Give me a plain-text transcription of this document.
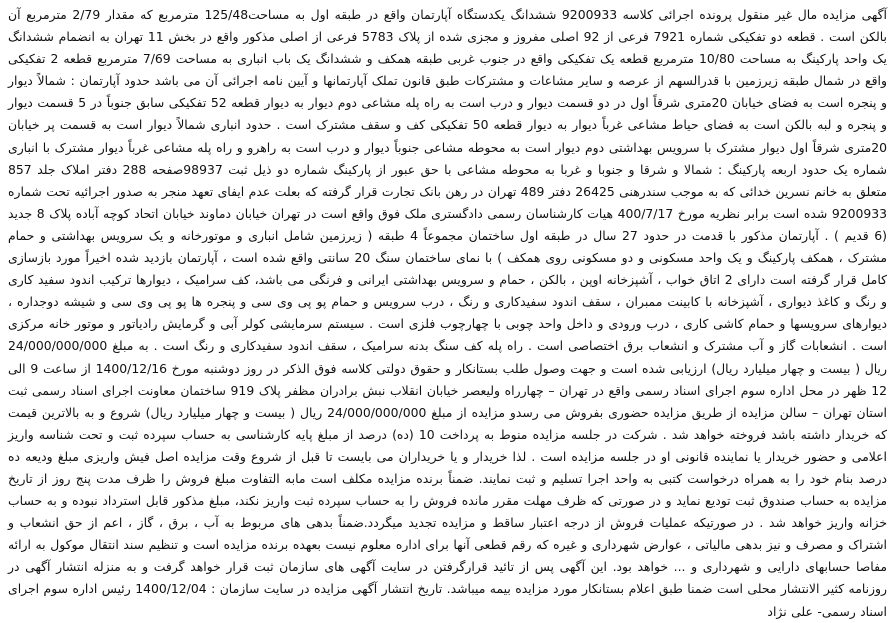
آگهی مزایده مال غیر منقول پرونده اجرائی کلاسه 9200933 ششدانگ یکدستگاه آپارتمان واقع در طبقه اول به مساحت125/48 مترمربع که مقدار 2/79 مترمربع آن بالکن است . قطعه دو تفکیکی شماره 7921 فرعی از 92 اصلی مفروز و مجزی شده از پلاک 5783 فرعی از اصلی مذکور واقع در بخش 11 تهران به انضمام ششدانگ یک واحد پارکینگ به مساحت 10/80 مترمربع قطعه یک تفکیکی واقع در جنوب غربی طبقه همکف و ششدانگ یک باب انباری به مساحت 7/69 مترمربع قطعه 2 تفکیکی واقع در شمال طبقه زیرزمین با قدرالسهم از عرصه و سایر مشاعات و مشترکات طبق قانون تملک آپارتمانها و آیین نامه اجرائی آن می باشد حدود آپارتمان : شمالاً دیوار و پنجره است به فضای خیابان 20متری شرقاً اول در دو قسمت دیوار و درب است به راه پله مشاعی دوم دیوار به دیوار قطعه 52 تفکیکی سابق جنوباً در 5 قسمت دیوار و پنجره و لبه بالکن است به فضای حیاط مشاعی غرباً دیوار به دیوار قطعه 50 تفکیکی کف و سقف مشترک است . حدود انباری شمالاً دیوار است به قسمت پر خیابان 20متری شرقاً اول دیوار مشترک با سرویس بهداشتی دوم دیوار است به محوطه مشاعی جنوباً دیوار و درب است به راهرو و راه پله مشاعی غرباً دیوار مشترک با انباری شماره یک حدود اربعه پارکینگ : شمالا و شرقا و جنوبا و غربا به محوطه مشاعی با حق عبور از پارکینگ شماره دو ذیل ثبت 98937صفحه 288 دفتر املاک جلد 857 متعلق به خانم نسرین خدائی که به موجب سندرهنی 26425 دفتر 489 تهران در رهن بانک تجارت قرار گرفته که بعلت عدم ایفای تعهد منجر به صدور اجرائیه تحت شماره 9200933 شده است برابر نظریه مورخ 400/7/17 هیات کارشناسان رسمی دادگستری ملک فوق واقع است در تهران خیابان دماوند خیابان اتحاد کوچه آباده پلاک 8 جدید (6 قدیم ) . آپارتمان مذکور با قدمت در حدود 27 سال در طبقه اول ساختمان مجموعاً 4 طبقه ( زیرزمین شامل انباری و موتورخانه و یک سرویس بهداشتی و حمام مشترک ، همکف پارکینگ و یک واحد مسکونی و دو مسکونی روی همکف ) با نمای ساختمان سنگ 20 سانتی واقع شده است ، آپارتمان بازدید شده اخیراً مورد بازسازی کامل قرار گرفته است دارای 2 اتاق خواب ، آشپزخانه اوپن ، بالکن ، حمام و سرویس بهداشتی ایرانی و فرنگی می باشد، کف سرامیک ، دیوارها ترکیب اندود سفید کاری و رنگ و کاغذ دیواری ، آشپزخانه با کابینت ممبران ، سقف اندود سفیدکاری و رنگ ، درب سرویس و حمام پو پی وی سی و پنجره ها پو پی وی سی و شیشه دوجداره ، دیوارهای سرویسها و حمام کاشی کاری ، درب ورودی و داخل واحد چوبی با چهارچوب فلزی است . سیستم سرمایشی کولر آبی و گرمایش رادیاتور و موتور خانه مرکزی است . انشعابات گاز و آب مشترک و انشعاب برق اختصاصی است . راه پله کف سنگ بدنه سرامیک ، سقف اندود سفیدکاری و رنگ است . به مبلغ 24/000/000/000 ریال ( بیست و چهار میلیارد ریال) ارزیابی شده است و جهت وصول طلب بستانکار و حقوق دولتی کلاسه فوق الذکر در روز دوشنبه مورخ 1400/12/16 از ساعت 9 الی 12 ظهر در محل اداره سوم اجرای اسناد رسمی واقع در تهران – چهارراه ولیعصر خیابان انقلاب نبش برادران مظفر پلاک 919 ساختمان معاونت اجرای اسناد رسمی ثبت استان تهران – سالن مزایده از طریق مزایده حضوری بفروش می رسدو مزایده از مبلغ 24/000/000/000 ریال ( بیست و چهار میلیارد ریال) شروع و به بالاترین قیمت که خریدار داشته باشد فروخته خواهد شد . شرکت در جلسه مزایده منوط به پرداخت 10 (ده) درصد از مبلغ پایه کارشناسی به حساب سپرده ثبت و تحت شناسه واریز اعلامی و حضور خریدار یا نماینده قانونی او در جلسه مزایده است . لذا خریدار و یا خریداران می بایست تا قبل از شروع وقت مزایده اصل فیش واریزی مبلغ ودیعه ده درصد بنام خود را به همراه درخواست کتبی به واحد اجرا تسلیم و ثبت نمایند. ضمناً برنده مزایده مکلف است مابه التفاوت مبلغ فروش را ظرف مدت پنج روز از تاریخ مزایده به حساب صندوق ثبت تودیع نماید و در صورتی که ظرف مهلت مقرر مانده فروش را به حساب سپرده ثبت واریز نکند، مبلغ مذکور قابل استرداد نبوده و به حساب خزانه واریز خواهد شد . در صورتیکه عملیات فروش از درجه اعتبار ساقط و مزایده تجدید میگردد.ضمناً بدهی های مربوط به آب ، برق ، گاز ، اعم از حق انشعاب و اشتراک و مصرف و نیز بدهی مالیاتی ، عوارض شهرداری و غیره که رقم قطعی آنها برای اداره معلوم نیست بعهده برنده مزایده است و تنظیم سند انتقال موکول به ارائه مفاصا حسابهای دارایی و شهرداری و ... خواهد بود. این آگهی پس از تائید قرارگرفتن در سایت آگهی های سازمان ثبت قرار خواهد گرفت و به منزله انتشار آگهی در روزنامه کثیر الانتشار محلی است ضمنا طبق اعلام بستانکار مورد مزایده بیمه میباشد. تاریخ انتشار آگهی مزایده در سایت سازمان : 1400/12/04 رئیس اداره سوم اجرای اسناد رسمی- علی نژاد
